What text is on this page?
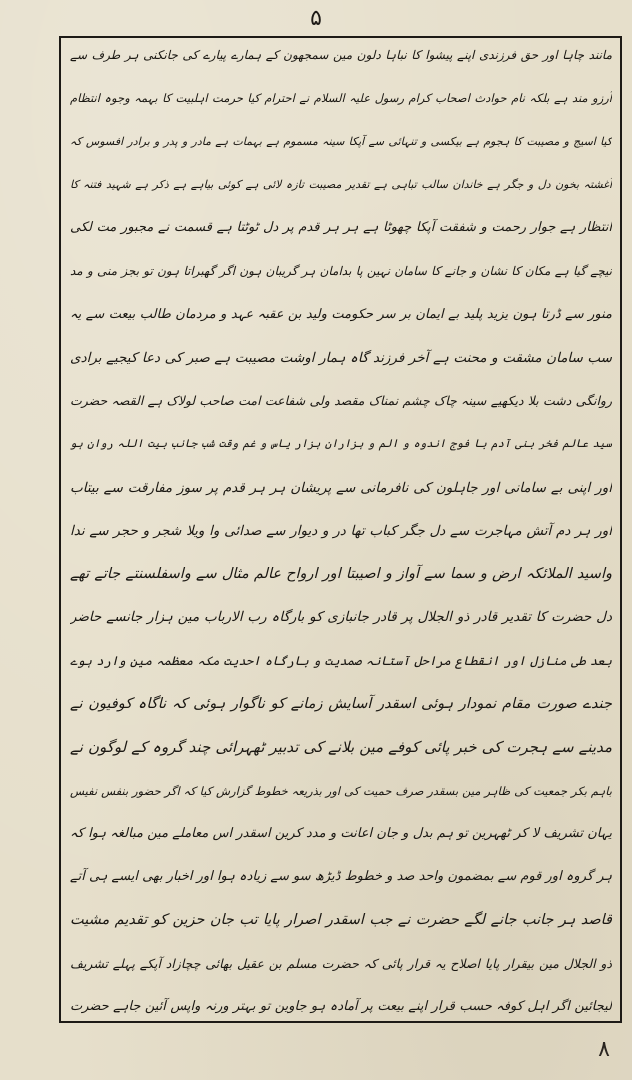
۵
مانند چاہا اور حق فرزندی اپنے پیشوا کا نباہا دلون مین سمجھون کے ہمارے پیارے کی جانکنی ہر طرف سے
آرزو مند ہے بلکہ نام حوادث اصحاب کرام رسول علیہ السلام نے احترام کیا حرمت اہلبیت کا بہمہ وجوہ انتظام
کیا اسیج و مصیبت کا ہجوم ہے بیکسی و تنہائی سے آپکا سینہ مسموم ہے بہمات ہے مادر و پدر و برادر افسوس کہ
آغشتہ بخون دل و جگر ہے خاندان سالب تباہی ہے تقدیر مصیبت تازہ لائی ہے کوئی بیاہے ہے ذکر ہے شہید فتنہ کا
انتظار ہے جوار رحمت و شفقت آپکا چھوٹا ہے ہر ہر قدم پر دل ٹوٹتا ہے قسمت نے مجبور مت لکی
نیچے گیا ہے مکان کا نشان و جانے کا سامان نہین پا بدامان ہر گریبان ہون اگر گھبراتا ہون تو بجز منی و مد
منور سے ڈرتا ہون یزید پلید بے ایمان بر سر حکومت ولید بن عقبہ عہد و مردمان طالب بیعت سے یہ
سب سامان مشقت و محنت ہے آخر فرزند گاہ ہمار اوشت مصیبت ہے صبر کی دعا کیجیے برادی
روانگی دشت بلا دیکھیے سینہ چاک چشم نمناک مقصد ولی شفاعت امت صاحب لولاک ہے القصہ حضرت
سید عالم فخر بنی آدم با فوج اندوہ و الم و ہزاران ہزار یاس و غم وقت شب جانب بیت اللہ روان ہو
اور اپنی بے سامانی اور جاہلون کی نافرمانی سے پریشان ہر ہر قدم پر سوز مفارقت سے بیتاب
اور ہر دم آتش مہاجرت سے دل جگر کباب تھا در و دیوار سے صدائی وا ویلا شجر و حجر سے ندا
واسید الملائکہ ارض و سما سے آواز و اصیبتا اور ارواح عالم مثال سے واسفلسنتے جاتے تھے
دل حضرت کا تقدیر قادر ذو الجلال پر قادر جانبازی کو بارگاہ رب الارباب مین ہزار جانسے حاضر
بعد طی منازل اور انقطاع مراحل آستانہ صمدیت و بارگاہ احدیت مکہ معظمہ مین وارد ہوے
جندے صورت مقام نمودار ہوئی اسقدر آسایش زمانے کو ناگوار ہوئی کہ ناگاہ کوفیون نے
مدینے سے ہجرت کی خبر پائی کوفے مین بلانے کی تدبیر ٹھہرائی چند گروہ کے لوگون نے
باہم بکر جمعیت کی ظاہر مین بسقدر صرف حمیت کی اور بذریعہ خطوط گزارش کیا کہ اگر حضور بنفس نفیس
یہان تشریف لا کر ٹھہرین تو ہم بدل و جان اعانت و مدد کرین اسقدر اس معاملے مین مبالغہ ہوا کہ
ہر گروہ اور قوم سے بمضمون واحد صد و خطوط ڈیڑھ سو سے زیادہ ہوا اور اخبار بھی ایسے ہی آتے
قاصد ہر جانب جانے لگے حضرت نے جب اسقدر اصرار پایا تب جان حزین کو تقدیم مشیت
ذو الجلال مین بیقرار پایا اصلاح یہ قرار پائی کہ حضرت مسلم بن عقیل بھائی چچازاد آپکے پہلے تشریف
لیجائین اگر اہل کوفہ حسب قرار اپنے بیعت پر آمادہ ہو جاوین تو بہتر ورنہ واپس آئین جاہے حضرت
۸
